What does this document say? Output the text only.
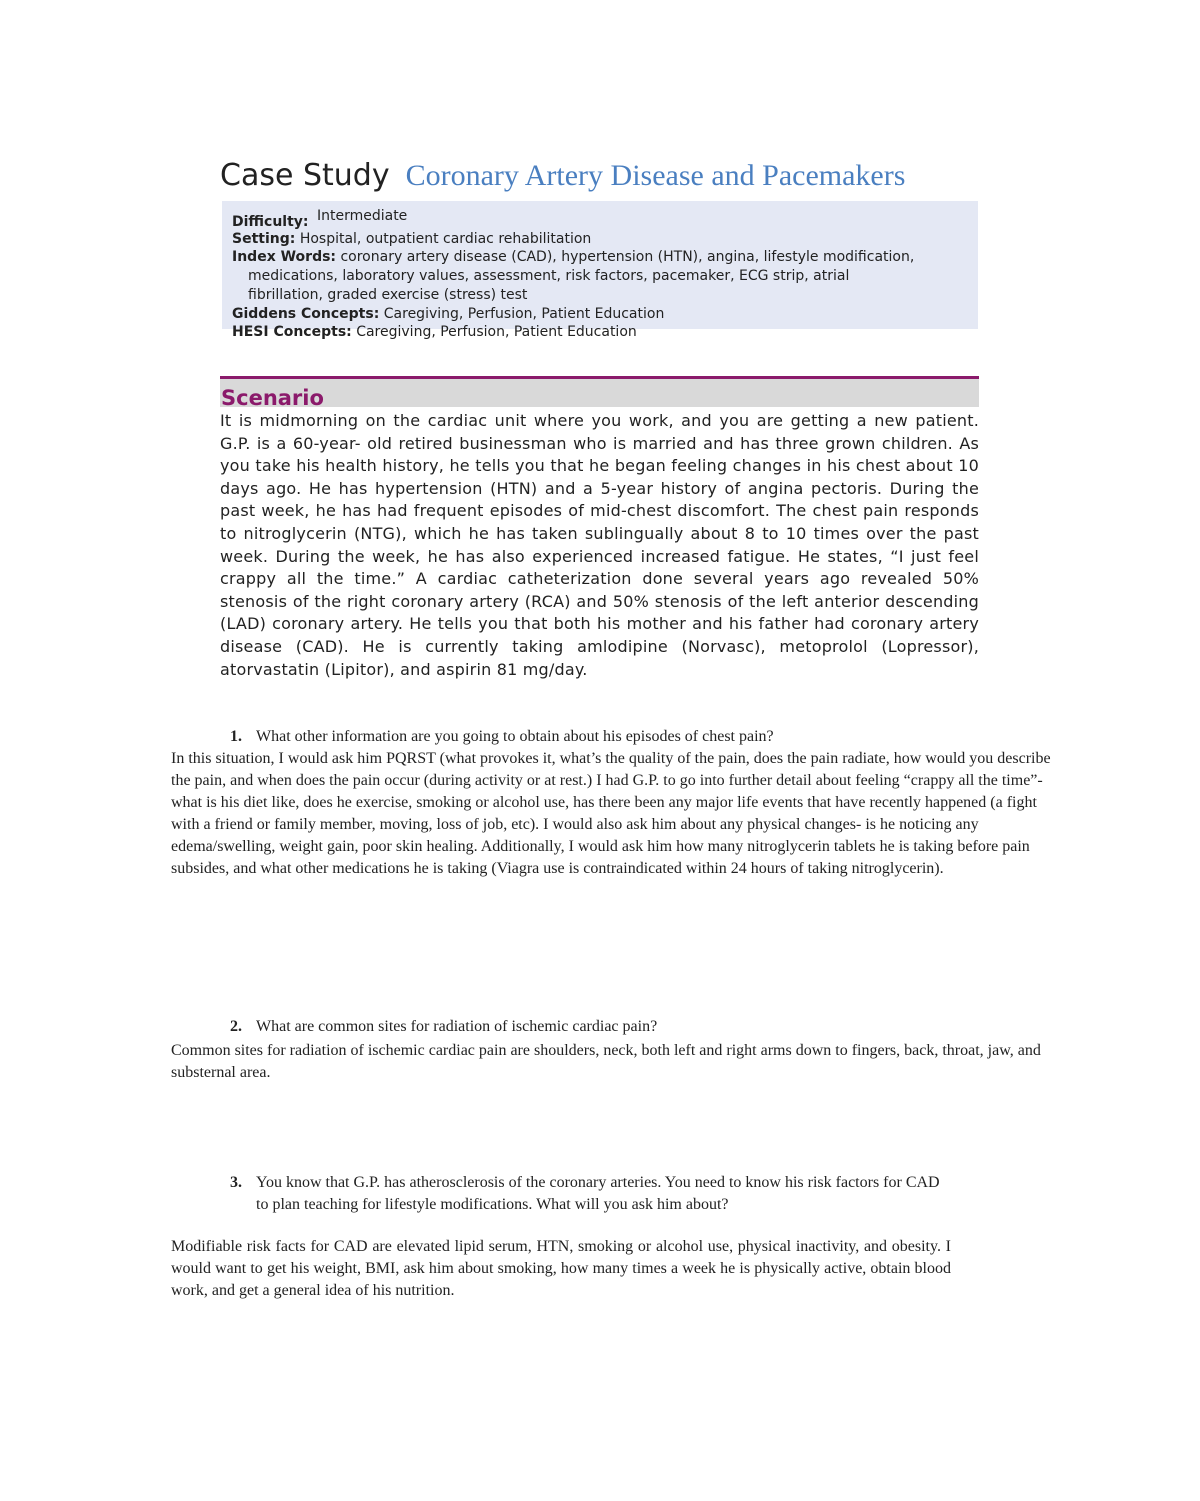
Case Study Coronary Artery Disease and Pacemakers
Difficulty: Intermediate
Setting: Hospital, outpatient cardiac rehabilitation
Index Words: coronary artery disease (CAD), hypertension (HTN), angina, lifestyle modification,
medications, laboratory values, assessment, risk factors, pacemaker, ECG strip, atrial
fibrillation, graded exercise (stress) test
Giddens Concepts: Caregiving, Perfusion, Patient Education
HESI Concepts: Caregiving, Perfusion, Patient Education
Scenario
It is midmorning on the cardiac unit where you work, and you are getting a new patient. G.P. is a 60-year- old retired businessman who is married and has three grown children. As you take his health history, he tells you that he began feeling changes in his chest about 10 days ago. He has hypertension (HTN) and a 5-year history of angina pectoris. During the past week, he has had frequent episodes of mid-chest discomfort. The chest pain responds to nitroglycerin (NTG), which he has taken sublingually about 8 to 10 times over the past week. During the week, he has also experienced increased fatigue. He states, “I just feel crappy all the time.” A cardiac catheterization done several years ago revealed 50% stenosis of the right coronary artery (RCA) and 50% stenosis of the left anterior descending (LAD) coronary artery. He tells you that both his mother and his father had coronary artery disease (CAD). He is currently taking amlodipine (Norvasc), metoprolol (Lopressor), atorvastatin (Lipitor), and aspirin 81 mg/day.
1. What other information are you going to obtain about his episodes of chest pain?
In this situation, I would ask him PQRST (what provokes it, what’s the quality of the pain, does the pain radiate, how would you describe the pain, and when does the pain occur (during activity or at rest.) I had G.P. to go into further detail about feeling “crappy all the time”- what is his diet like, does he exercise, smoking or alcohol use, has there been any major life events that have recently happened (a fight with a friend or family member, moving, loss of job, etc). I would also ask him about any physical changes- is he noticing any edema/swelling, weight gain, poor skin healing. Additionally, I would ask him how many nitroglycerin tablets he is taking before pain subsides, and what other medications he is taking (Viagra use is contraindicated within 24 hours of taking nitroglycerin).
2. What are common sites for radiation of ischemic cardiac pain?
Common sites for radiation of ischemic cardiac pain are shoulders, neck, both left and right arms down to fingers, back, throat, jaw, and substernal area.
3. You know that G.P. has atherosclerosis of the coronary arteries. You need to know his risk factors for CAD to plan teaching for lifestyle modifications. What will you ask him about?
Modifiable risk facts for CAD are elevated lipid serum, HTN, smoking or alcohol use, physical inactivity, and obesity. I would want to get his weight, BMI, ask him about smoking, how many times a week he is physically active, obtain blood work, and get a general idea of his nutrition.
